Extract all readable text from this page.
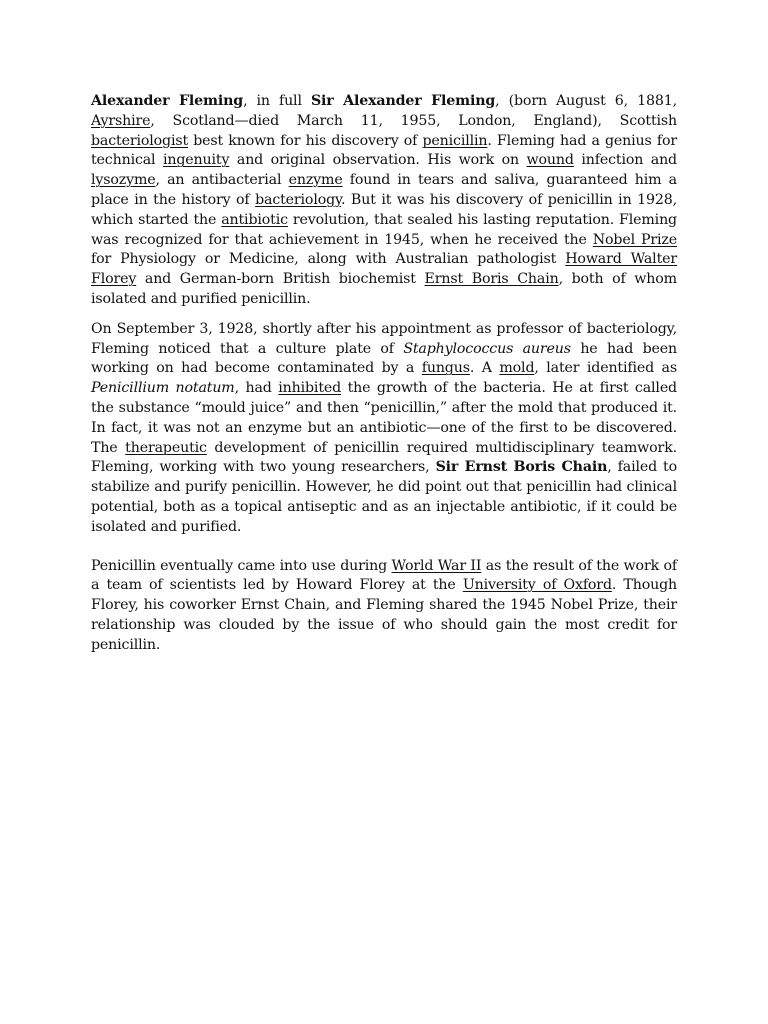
Alexander Fleming, in full Sir Alexander Fleming, (born August 6, 1881, Ayrshire, Scotland—died March 11, 1955, London, England), Scottish bacteriologist best known for his discovery of penicillin. Fleming had a genius for technical ingenuity and original observation. His work on wound infection and lysozyme, an antibacterial enzyme found in tears and saliva, guaranteed him a place in the history of bacteriology. But it was his discovery of penicillin in 1928, which started the antibiotic revolution, that sealed his lasting reputation. Fleming was recognized for that achievement in 1945, when he received the Nobel Prize for Physiology or Medicine, along with Australian pathologist Howard Walter Florey and German-born British biochemist Ernst Boris Chain, both of whom isolated and purified penicillin.

On September 3, 1928, shortly after his appointment as professor of bacteriology, Fleming noticed that a culture plate of Staphylococcus aureus he had been working on had become contaminated by a fungus. A mold, later identified as Penicillium notatum, had inhibited the growth of the bacteria. He at first called the substance “mould juice” and then “penicillin,” after the mold that produced it. In fact, it was not an enzyme but an antibiotic—one of the first to be discovered. The therapeutic development of penicillin required multidisciplinary teamwork. Fleming, working with two young researchers, Sir Ernst Boris Chain, failed to stabilize and purify penicillin. However, he did point out that penicillin had clinical potential, both as a topical antiseptic and as an injectable antibiotic, if it could be isolated and purified.

Penicillin eventually came into use during World War II as the result of the work of a team of scientists led by Howard Florey at the University of Oxford. Though Florey, his coworker Ernst Chain, and Fleming shared the 1945 Nobel Prize, their relationship was clouded by the issue of who should gain the most credit for penicillin.
